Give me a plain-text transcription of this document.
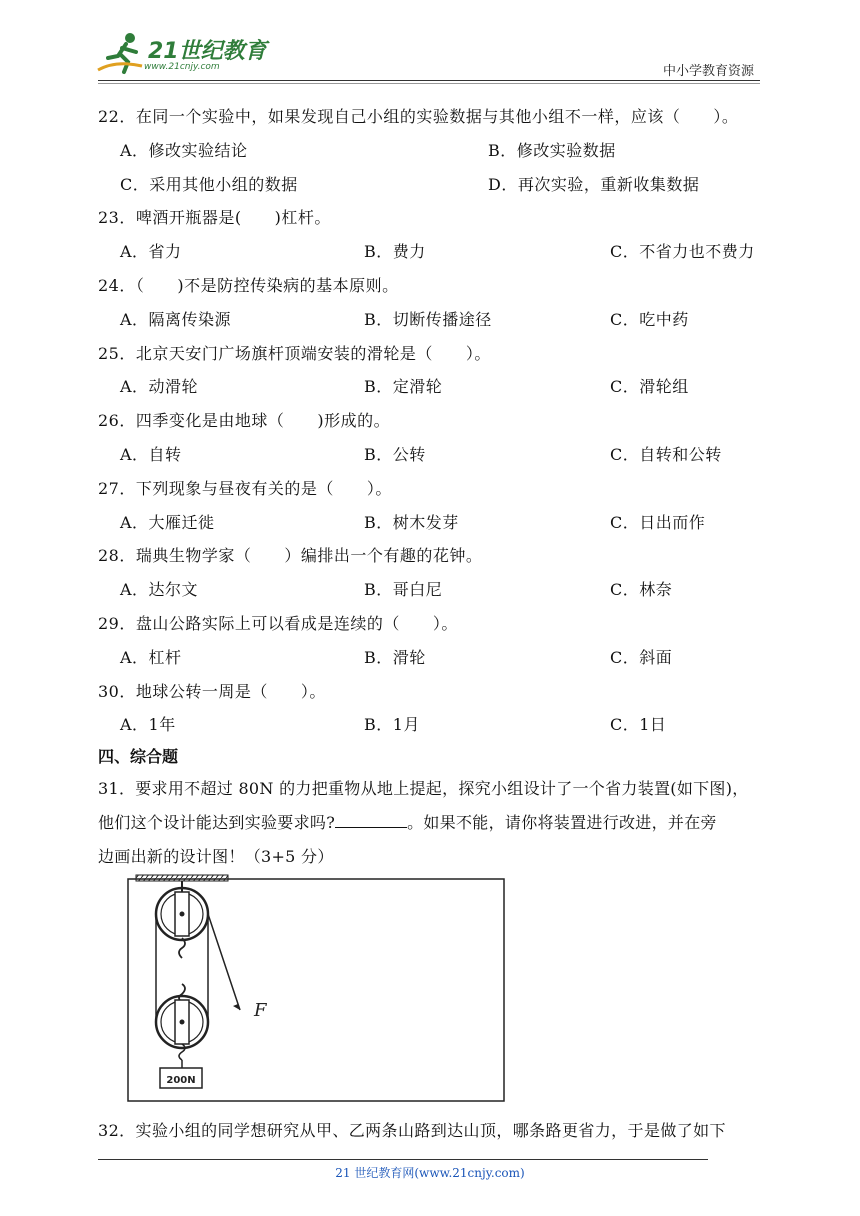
21世纪教育
www.21cnjy.com	中小学教育资源
22．在同一个实验中，如果发现自己小组的实验数据与其他小组不一样，应该（　　）。
A．修改实验结论	B．修改实验数据
C．采用其他小组的数据	D．再次实验，重新收集数据
23．啤酒开瓶器是(　　)杠杆。
A．省力	B．费力	C．不省力也不费力
24．（　　)不是防控传染病的基本原则。
A．隔离传染源	B．切断传播途径	C．吃中药
25．北京天安门广场旗杆顶端安装的滑轮是（　　）。
A．动滑轮	B．定滑轮	C．滑轮组
26．四季变化是由地球（　　)形成的。
A．自转	B．公转	C．自转和公转
27．下列现象与昼夜有关的是（　　）。
A．大雁迁徙	B．树木发芽	C．日出而作
28．瑞典生物学家（　　）编排出一个有趣的花钟。
A．达尔文	B．哥白尼	C．林奈
29．盘山公路实际上可以看成是连续的（　　）。
A．杠杆	B．滑轮	C．斜面
30．地球公转一周是（　　）。
A．1年	B．1月	C．1日
四、综合题
31．要求用不超过 80N 的力把重物从地上提起，探究小组设计了一个省力装置(如下图)，
他们这个设计能达到实验要求吗?	。如果不能，请你将装置进行改进，并在旁
边画出新的设计图！（3+5 分）
F
200N
32．实验小组的同学想研究从甲、乙两条山路到达山顶，哪条路更省力，于是做了如下
21 世纪教育网(www.21cnjy.com)
